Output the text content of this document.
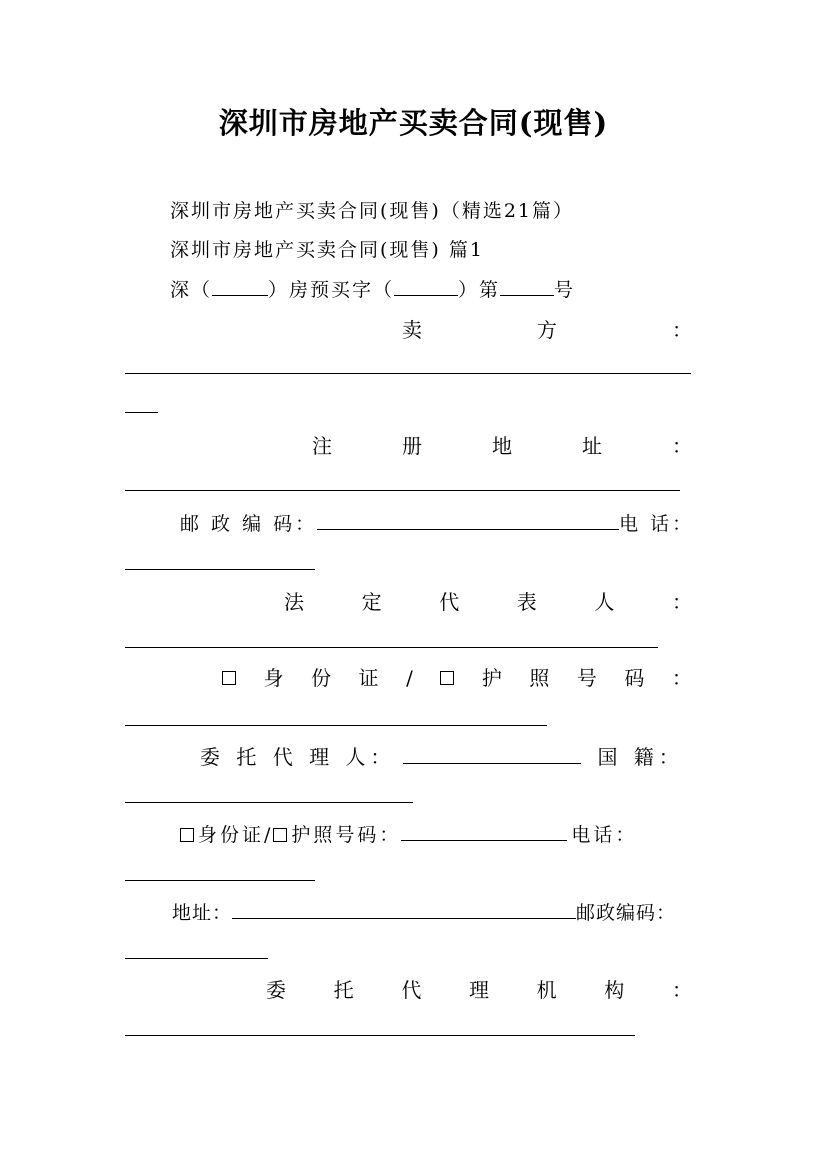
深圳市房地产买卖合同(现售)
深圳市房地产买卖合同(现售)（精选21篇）
深圳市房地产买卖合同(现售) 篇1
深（	）房预买字（	）第	号
卖	方	：
注	册	地	址	：
邮 政 编 码：	电 话：
法	定	代	表	人	：
身 份 证 /	护 照 号 码 ：
委 托 代 理 人：	国 籍：
身份证/ 护照号码：	电话：
地址：	邮政编码：
委 托 代 理 机 构 ：
